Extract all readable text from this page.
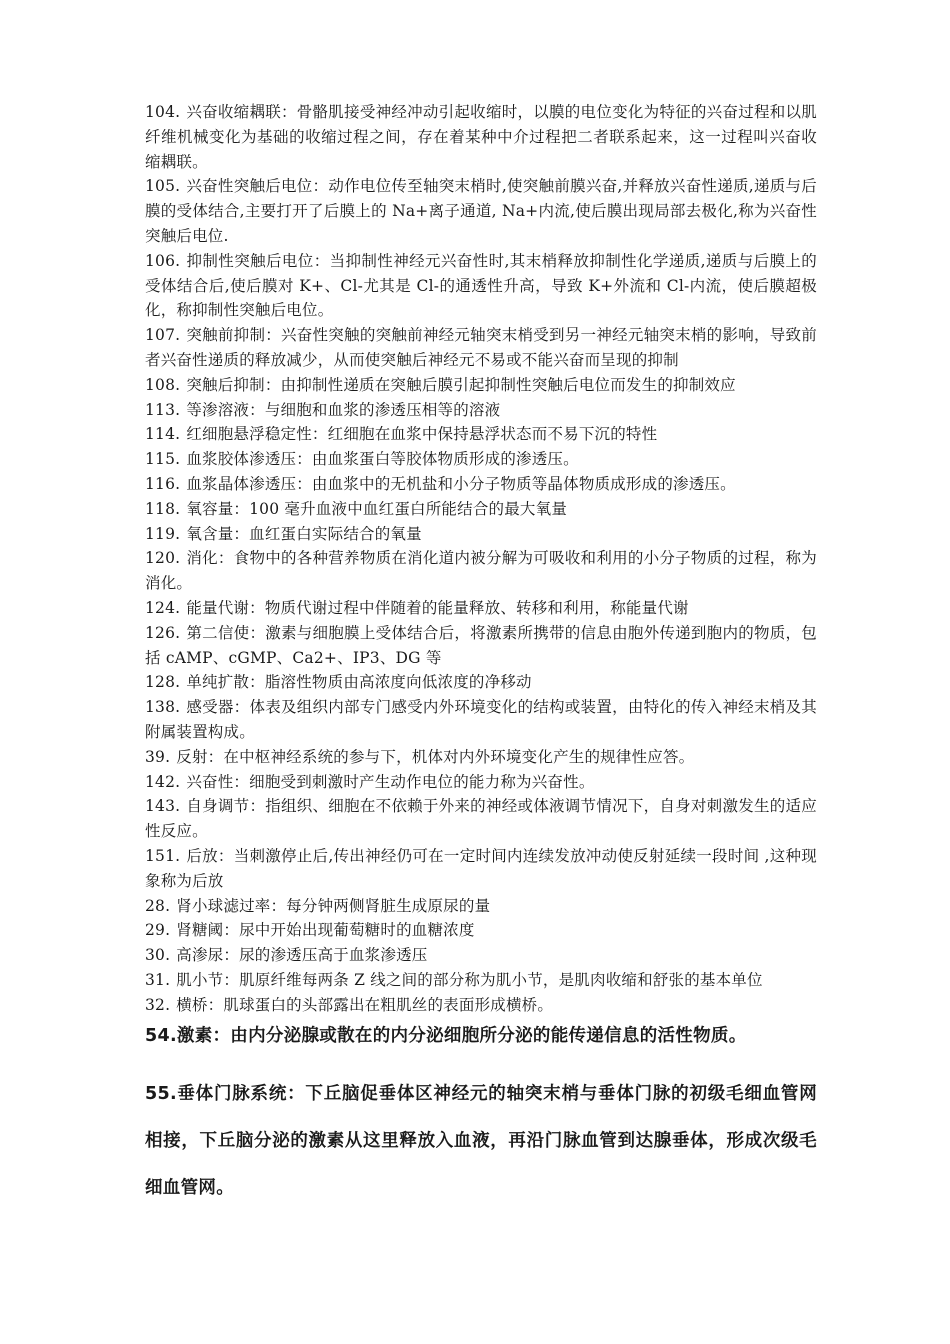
104. 兴奋收缩耦联：骨骼肌接受神经冲动引起收缩时，以膜的电位变化为特征的兴奋过程和以肌纤维机械变化为基础的收缩过程之间，存在着某种中介过程把二者联系起来，这一过程叫兴奋收缩耦联。

105. 兴奋性突触后电位：动作电位传至轴突末梢时,使突触前膜兴奋,并释放兴奋性递质,递质与后膜的受体结合,主要打开了后膜上的 Na+离子通道, Na+内流,使后膜出现局部去极化,称为兴奋性突触后电位.

106. 抑制性突触后电位：当抑制性神经元兴奋性时,其末梢释放抑制性化学递质,递质与后膜上的受体结合后,使后膜对 K+、Cl-尤其是 Cl-的通透性升高，导致 K+外流和 Cl-内流，使后膜超极化，称抑制性突触后电位。

107. 突触前抑制：兴奋性突触的突触前神经元轴突末梢受到另一神经元轴突末梢的影响，导致前者兴奋性递质的释放减少，从而使突触后神经元不易或不能兴奋而呈现的抑制

108. 突触后抑制：由抑制性递质在突触后膜引起抑制性突触后电位而发生的抑制效应

113. 等渗溶液：与细胞和血浆的渗透压相等的溶液

114. 红细胞悬浮稳定性：红细胞在血浆中保持悬浮状态而不易下沉的特性

115. 血浆胶体渗透压：由血浆蛋白等胶体物质形成的渗透压。

116. 血浆晶体渗透压：由血浆中的无机盐和小分子物质等晶体物质成形成的渗透压。

118. 氧容量：100 毫升血液中血红蛋白所能结合的最大氧量

119. 氧含量：血红蛋白实际结合的氧量

120. 消化：食物中的各种营养物质在消化道内被分解为可吸收和利用的小分子物质的过程，称为消化。

124. 能量代谢：物质代谢过程中伴随着的能量释放、转移和利用，称能量代谢

126. 第二信使：激素与细胞膜上受体结合后，将激素所携带的信息由胞外传递到胞内的物质，包括 cAMP、cGMP、Ca2+、IP3、DG 等

128. 单纯扩散：脂溶性物质由高浓度向低浓度的净移动

138. 感受器：体表及组织内部专门感受内外环境变化的结构或装置，由特化的传入神经末梢及其附属装置构成。

39. 反射：在中枢神经系统的参与下，机体对内外环境变化产生的规律性应答。

142. 兴奋性：细胞受到刺激时产生动作电位的能力称为兴奋性。

143. 自身调节：指组织、细胞在不依赖于外来的神经或体液调节情况下，自身对刺激发生的适应性反应。

151. 后放：当刺激停止后,传出神经仍可在一定时间内连续发放冲动使反射延续一段时间 ,这种现象称为后放

28. 肾小球滤过率：每分钟两侧肾脏生成原尿的量

29. 肾糖阈：尿中开始出现葡萄糖时的血糖浓度

30. 高渗尿：尿的渗透压高于血浆渗透压

31. 肌小节：肌原纤维每两条 Z 线之间的部分称为肌小节，是肌肉收缩和舒张的基本单位

32. 横桥：肌球蛋白的头部露出在粗肌丝的表面形成横桥。

54.激素：由内分泌腺或散在的内分泌细胞所分泌的能传递信息的活性物质。

55.垂体门脉系统：下丘脑促垂体区神经元的轴突末梢与垂体门脉的初级毛细血管网相接，下丘脑分泌的激素从这里释放入血液，再沿门脉血管到达腺垂体，形成次级毛细血管网。
